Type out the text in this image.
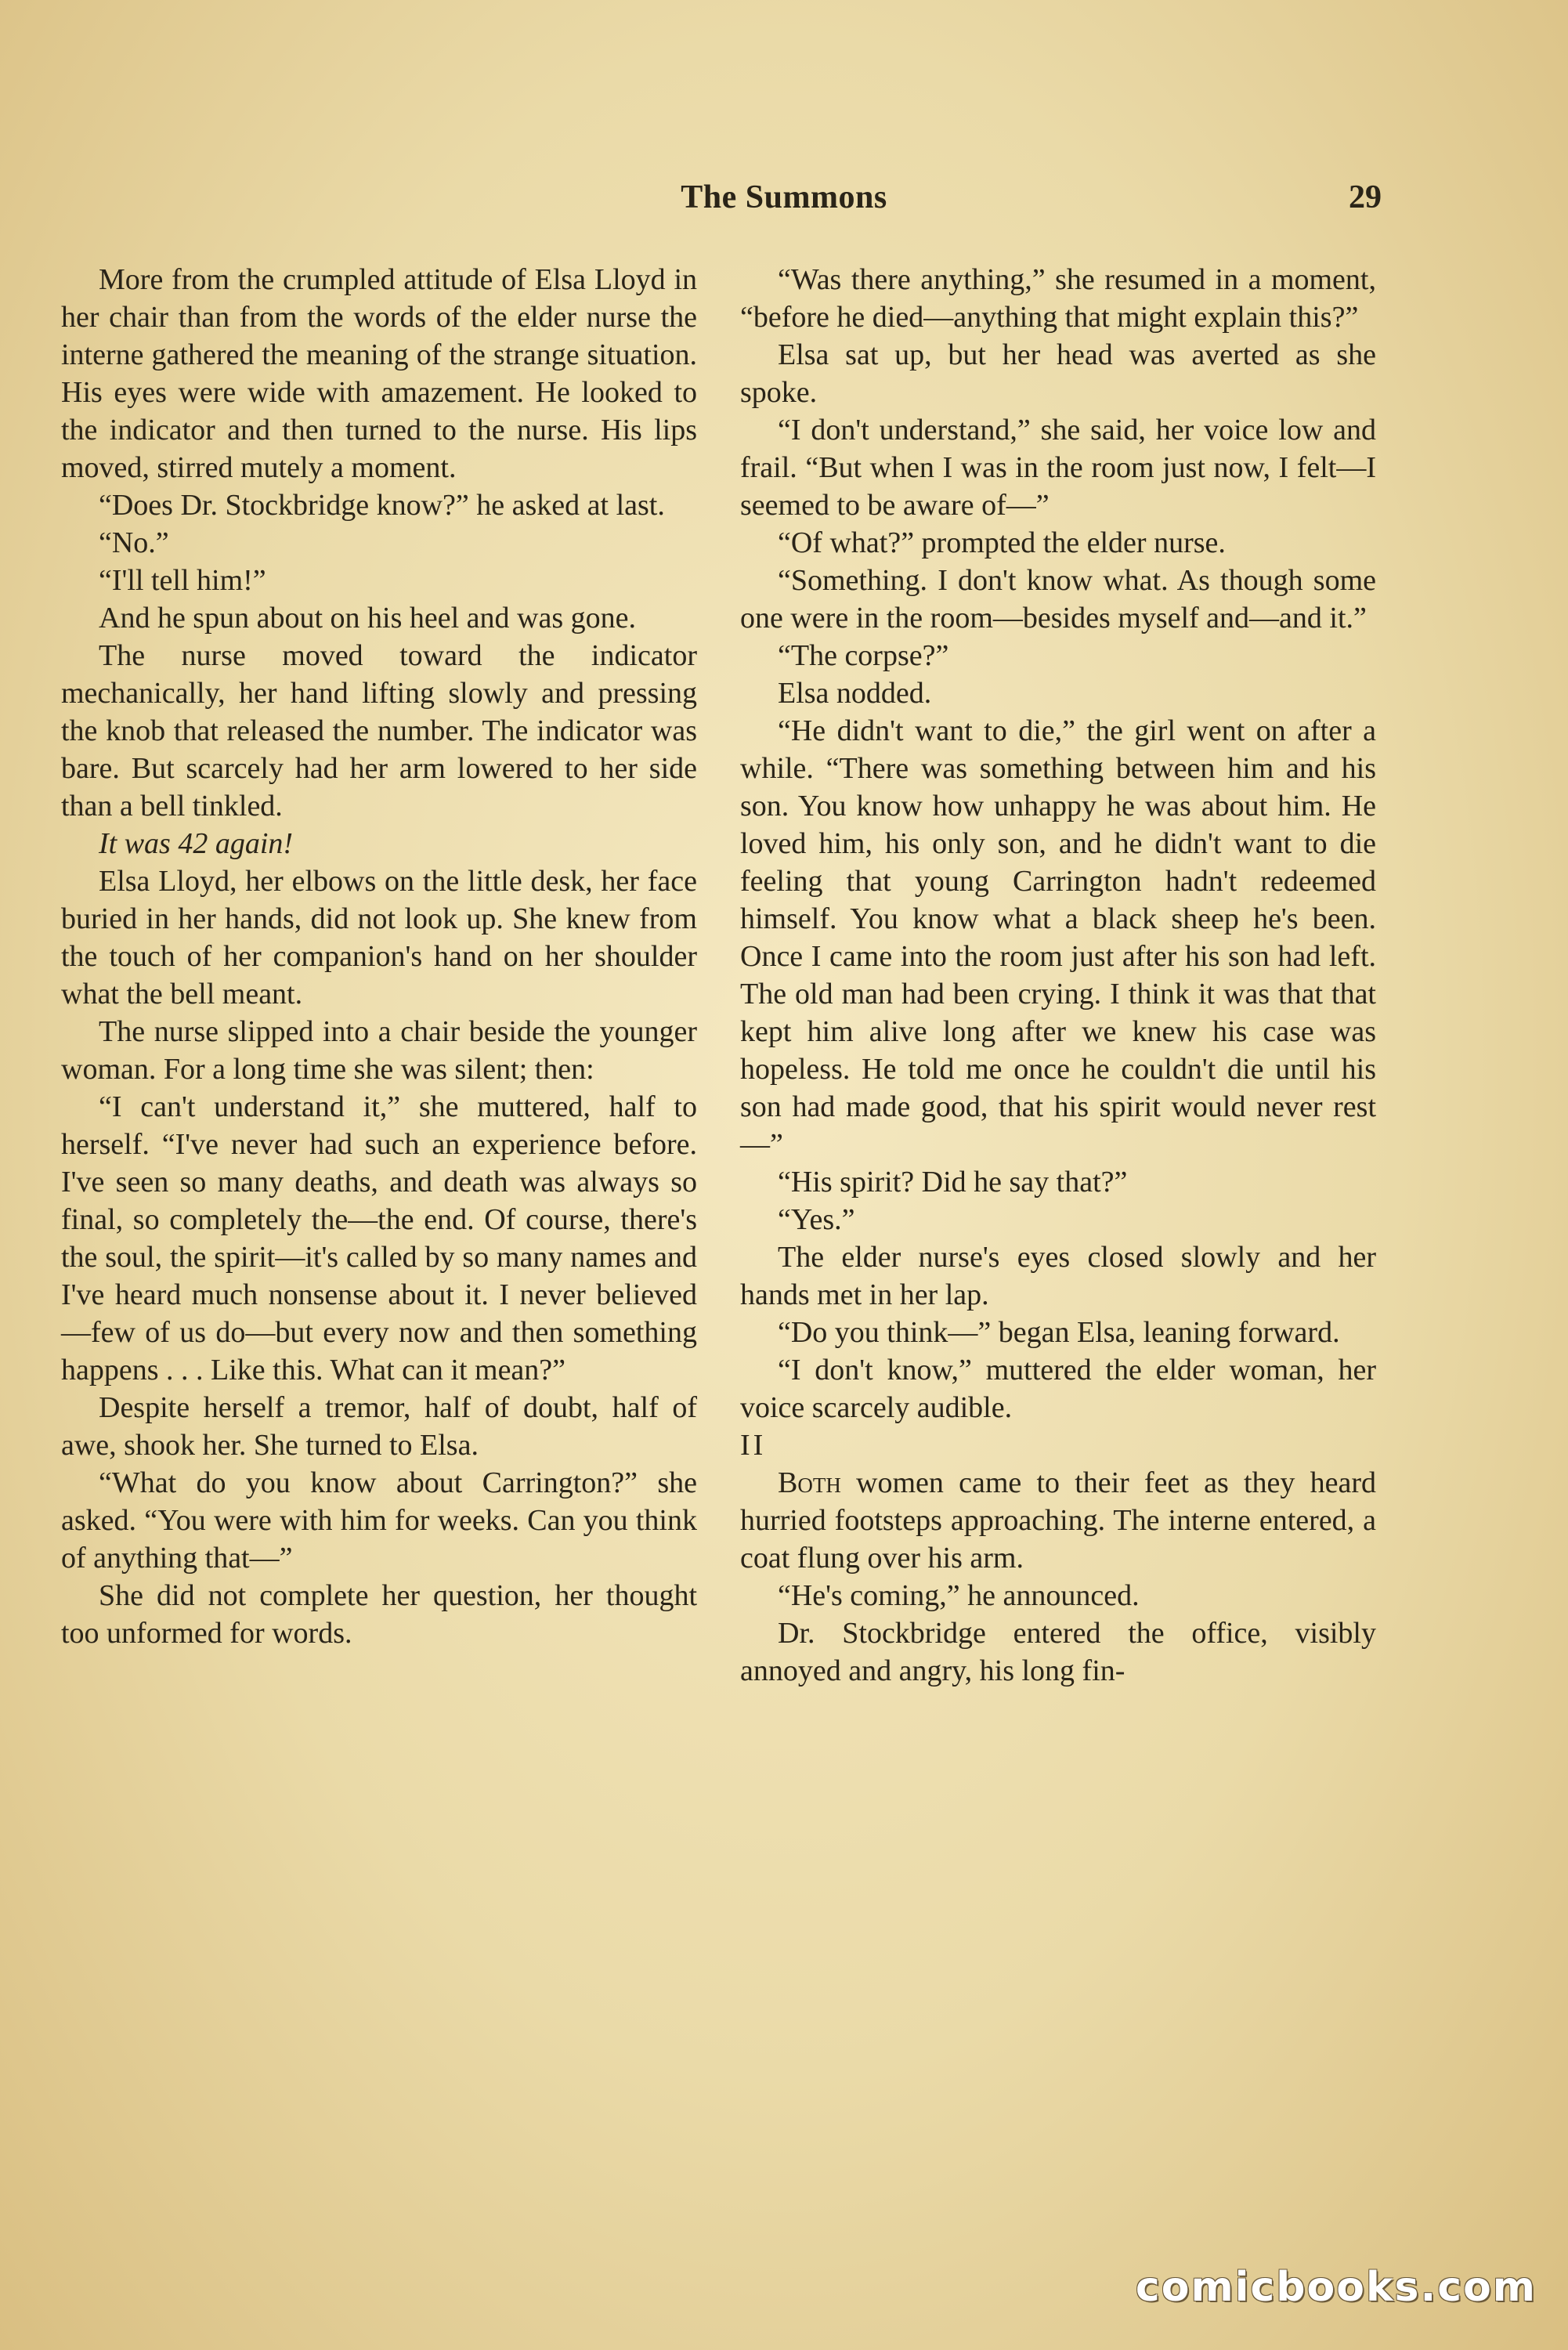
The Summons	29

More from the crumpled attitude of Elsa Lloyd in her chair than from the words of the elder nurse the interne gathered the meaning of the strange situation. His eyes were wide with amazement. He looked to the indicator and then turned to the nurse. His lips moved, stirred mutely a moment.

“Does Dr. Stockbridge know?” he asked at last.

“No.”

“I'll tell him!”

And he spun about on his heel and was gone.

The nurse moved toward the indicator mechanically, her hand lifting slowly and pressing the knob that released the number. The indicator was bare. But scarcely had her arm lowered to her side than a bell tinkled.

It was 42 again!

Elsa Lloyd, her elbows on the little desk, her face buried in her hands, did not look up. She knew from the touch of her companion's hand on her shoulder what the bell meant.

The nurse slipped into a chair beside the younger woman. For a long time she was silent; then:

“I can't understand it,” she muttered, half to herself. “I've never had such an experience before. I've seen so many deaths, and death was always so final, so completely the—the end. Of course, there's the soul, the spirit—it's called by so many names and I've heard much nonsense about it. I never believed—few of us do—but every now and then something happens . . . Like this. What can it mean?”

Despite herself a tremor, half of doubt, half of awe, shook her. She turned to Elsa.

“What do you know about Carrington?” she asked. “You were with him for weeks. Can you think of anything that—”

She did not complete her question, her thought too unformed for words.

“Was there anything,” she resumed in a moment, “before he died—anything that might explain this?”

Elsa sat up, but her head was averted as she spoke.

“I don't understand,” she said, her voice low and frail. “But when I was in the room just now, I felt—I seemed to be aware of—”

“Of what?” prompted the elder nurse.

“Something. I don't know what. As though some one were in the room—besides myself and—and it.”

“The corpse?”

Elsa nodded.

“He didn't want to die,” the girl went on after a while. “There was something between him and his son. You know how unhappy he was about him. He loved him, his only son, and he didn't want to die feeling that young Carrington hadn't redeemed himself. You know what a black sheep he's been. Once I came into the room just after his son had left. The old man had been crying. I think it was that that kept him alive long after we knew his case was hopeless. He told me once he couldn't die until his son had made good, that his spirit would never rest—”

“His spirit? Did he say that?”

“Yes.”

The elder nurse's eyes closed slowly and her hands met in her lap.

“Do you think—” began Elsa, leaning forward.

“I don't know,” muttered the elder woman, her voice scarcely audible.

II

Both women came to their feet as they heard hurried footsteps approaching. The interne entered, a coat flung over his arm.

“He's coming,” he announced.

Dr. Stockbridge entered the office, visibly annoyed and angry, his long fin-

comicbooks.com
